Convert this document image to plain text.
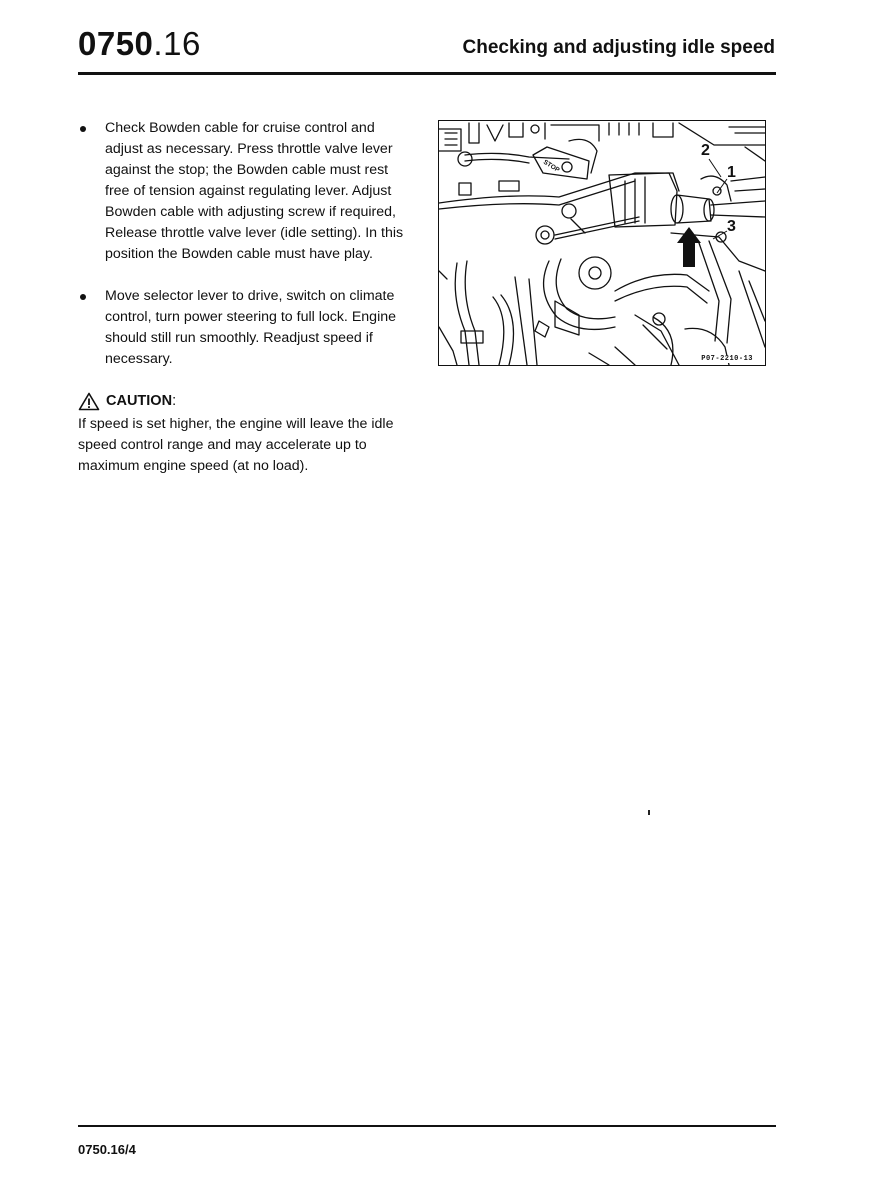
0750.16	Checking and adjusting idle speed
Check Bowden cable for cruise control and adjust as necessary. Press throttle valve lever against the stop; the Bowden cable must rest free of tension against regulating lever. Adjust Bowden cable with adjusting screw if required, Release throttle valve lever (idle setting). In this position the Bowden cable must have play.
Move selector lever to drive, switch on climate control, turn power steering to full lock. Engine should still run smoothly. Readjust speed if necessary.
CAUTION :
If speed is set higher, the engine will leave the idle speed control range and may accelerate up to maximum engine speed (at no load).
STOP
2
1
3
P07-2210-13
0750.16/4
